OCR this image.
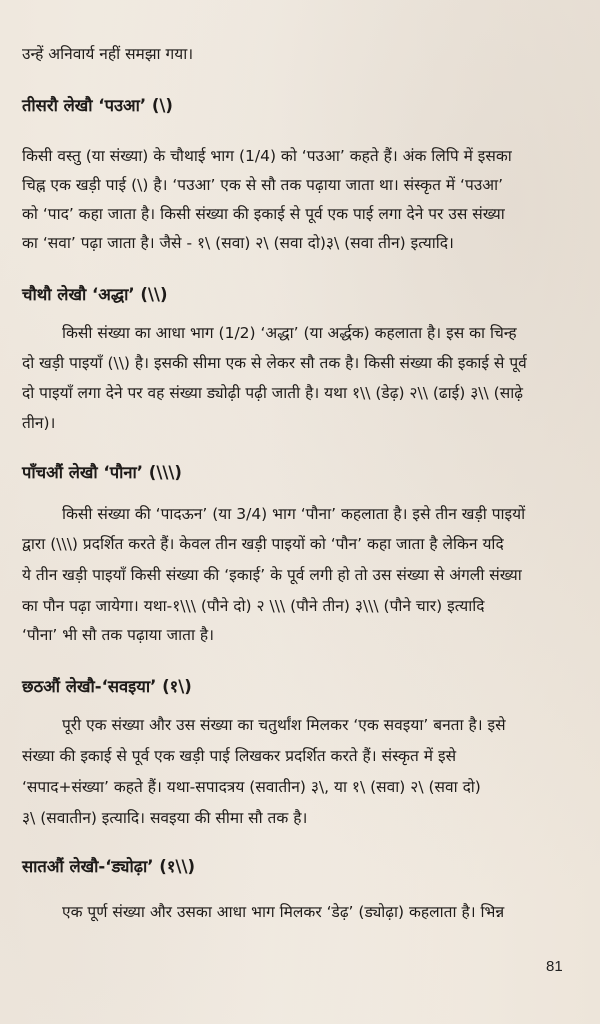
उन्हें अनिवार्य नहीं समझा गया।
तीसरौ लेखौ ‘पउआ’ (\)
किसी वस्तु (या संख्या) के चौथाई भाग (1/4) को ‘पउआ’ कहते हैं। अंक लिपि में इसका
चिह्न एक खड़ी पाई (\) है। ‘पउआ’ एक से सौ तक पढ़ाया जाता था। संस्कृत में ‘पउआ’
को ‘पाद’ कहा जाता है। किसी संख्या की इकाई से पूर्व एक पाई लगा देने पर उस संख्या
का ‘सवा’ पढ़ा जाता है। जैसे - १\ (सवा) २\ (सवा दो)३\ (सवा तीन) इत्यादि।
चौथौ लेखौ ‘अद्धा’ (\\)
किसी संख्या का आधा भाग (1/2) ‘अद्धा’ (या अर्द्धक) कहलाता है। इस का चिन्ह
दो खड़ी पाइयाँ (\\) है। इसकी सीमा एक से लेकर सौ तक है। किसी संख्या की इकाई से पूर्व
दो पाइयाँ लगा देने पर वह संख्या ड्योढ़ी पढ़ी जाती है। यथा १\\ (डेढ़) २\\ (ढाई) ३\\ (साढ़े
तीन)।
पाँचऔं लेखौ ‘पौना’ (\\\)
किसी संख्या की ‘पादऊन’ (या 3/4) भाग ‘पौना’ कहलाता है। इसे तीन खड़ी पाइयों
द्वारा (\\\) प्रदर्शित करते हैं। केवल तीन खड़ी पाइयों को ‘पौन’ कहा जाता है लेकिन यदि
ये तीन खड़ी पाइयाँ किसी संख्या की ‘इकाई’ के पूर्व लगी हो तो उस संख्या से अंगली संख्या
का पौन पढ़ा जायेगा। यथा-१\\\ (पौने दो) २ \\\ (पौने तीन) ३\\\ (पौने चार) इत्यादि
‘पौना’ भी सौ तक पढ़ाया जाता है।
छठऔं लेखौ-‘सवइया’ (१\)
पूरी एक संख्या और उस संख्या का चतुर्थांश मिलकर ‘एक सवइया’ बनता है। इसे
संख्या की इकाई से पूर्व एक खड़ी पाई लिखकर प्रदर्शित करते हैं। संस्कृत में इसे
‘सपाद+संख्या’ कहते हैं। यथा-सपादत्रय (सवातीन) ३\, या १\ (सवा) २\ (सवा दो)
३\ (सवातीन) इत्यादि। सवइया की सीमा सौ तक है।
सातऔं लेखौ-‘ड्योढ़ा’ (१\\)
एक पूर्ण संख्या और उसका आधा भाग मिलकर ‘डेढ़’ (ड्योढ़ा) कहलाता है। भिन्न
81
